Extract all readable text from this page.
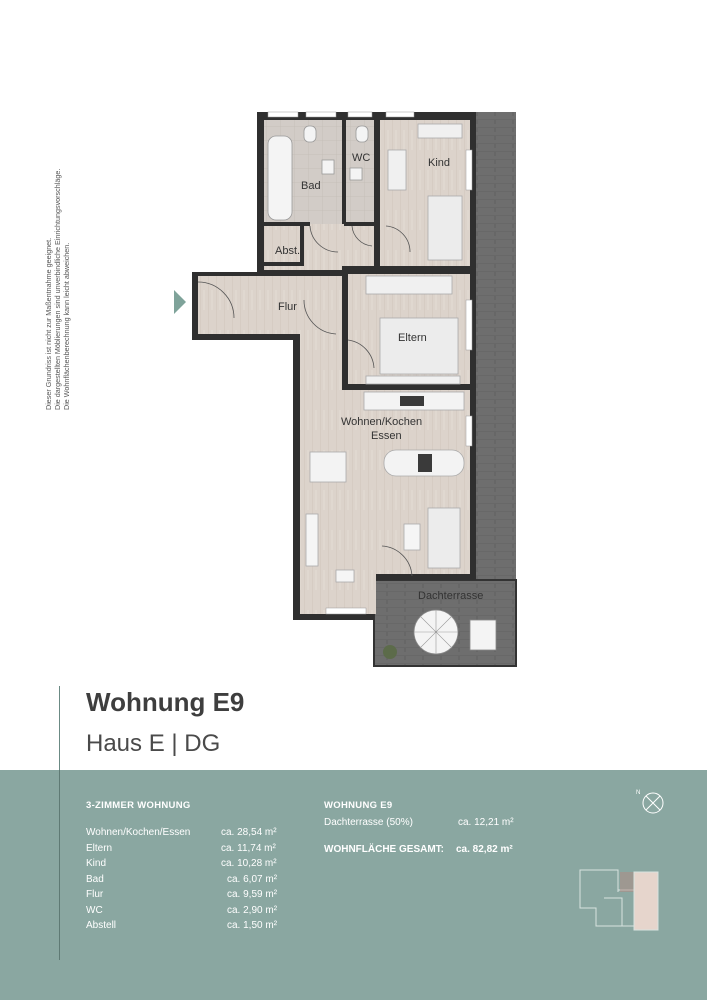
Dieser Grundriss ist nicht zur Maßentnahme geeignet. Die dargestellten Möblierungen sind unverbindliche Einrichtungsvorschläge. Die Wohnflächenberechnung kann leicht abweichen.
Bad
WC	Kind
Abst.
Flur
Eltern
Wohnen/Kochen
Essen
Dachterrasse
Wohnung E9
Haus E | DG
3-ZIMMER WOHNUNG
Wohnen/Kochen/Essen	ca. 28,54 m²
Eltern	ca. 11,74 m²
Kind	ca. 10,28 m²
Bad	ca. 6,07 m²
Flur	ca. 9,59 m²
WC	ca. 2,90 m²
Abstell	ca. 1,50 m²
WOHNUNG E9
Dachterrasse (50%)	ca. 12,21 m²
WOHNFLÄCHE GESAMT: ca. 82,82 m²
N
